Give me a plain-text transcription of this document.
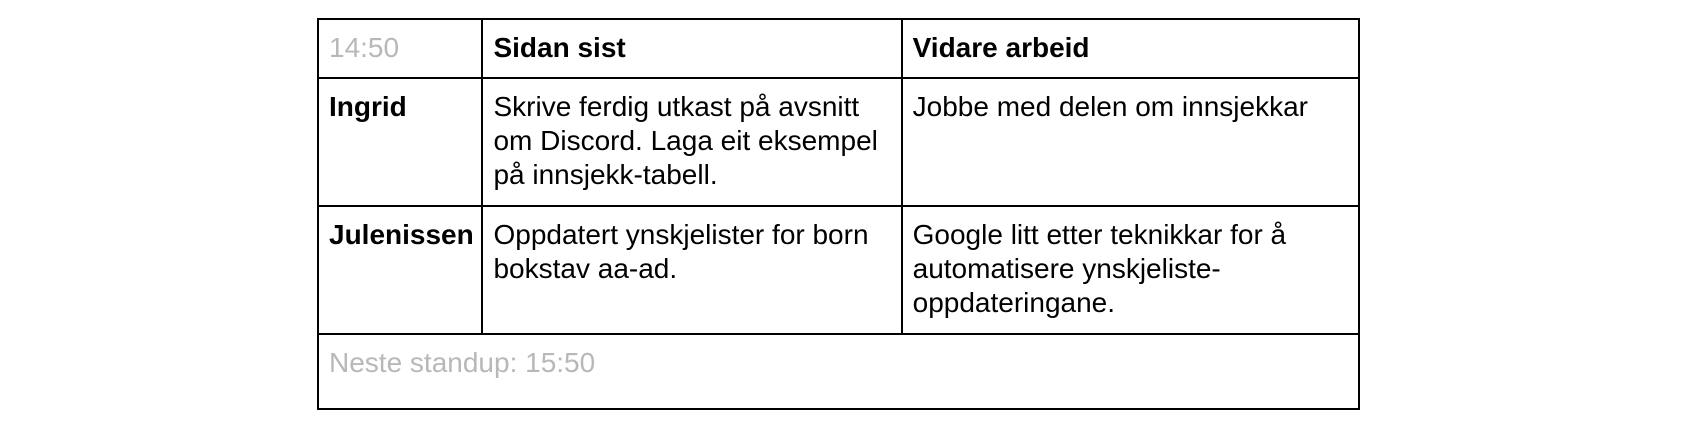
14:50	Sidan sist	Vidare arbeid
Ingrid	Skrive ferdig utkast på avsnitt om Discord. Laga eit eksempel på innsjekk-tabell.	Jobbe med delen om innsjekkar
Julenissen	Oppdatert ynskjelister for born bokstav aa-ad.	Google litt etter teknikkar for å automatisere ynskjeliste-oppdateringane.
Neste standup: 15:50		
